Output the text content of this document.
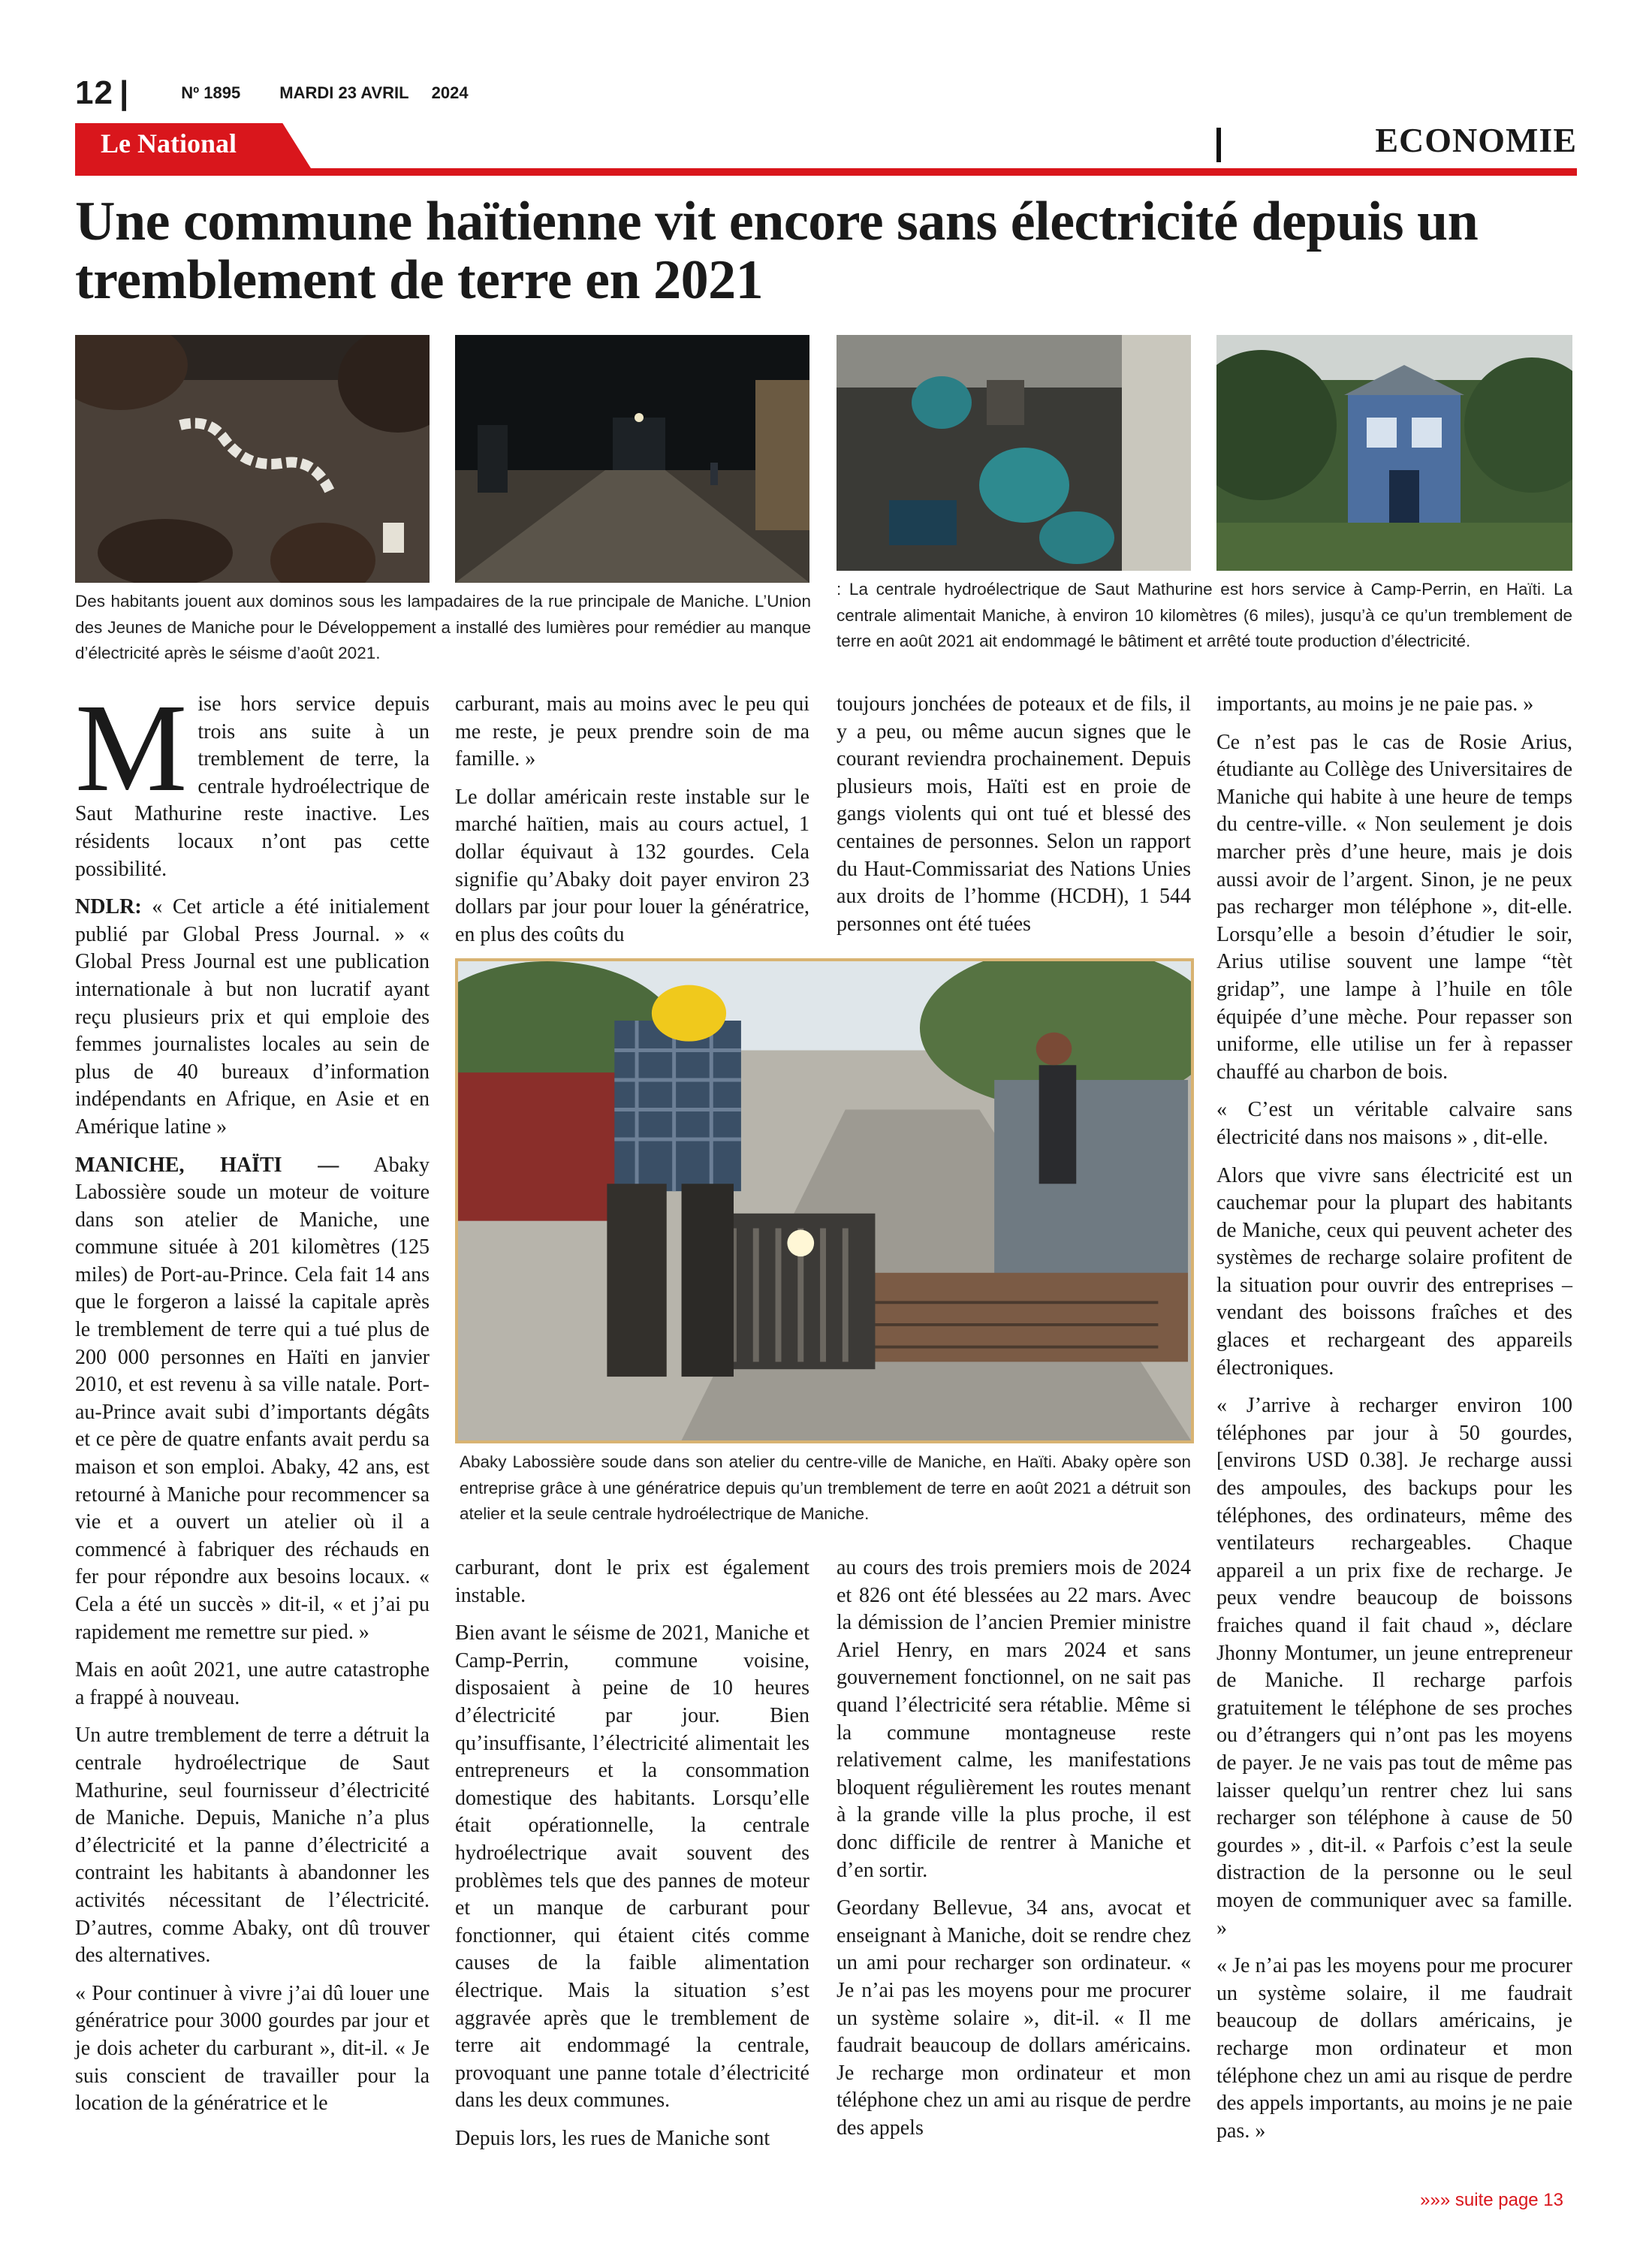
12 |	Nº 1895 MARDI 23 AVRIL 2024
Le National	ECONOMIE
Une commune haïtienne vit encore sans électricité depuis un tremblement de terre en 2021
Des habitants jouent aux dominos sous les lampadaires de la rue principale de Maniche. L’Union des Jeunes de Maniche pour le Développement a installé des lumières pour remédier au manque d’électricité après le séisme d’août 2021.
: La centrale hydroélectrique de Saut Mathurine est hors service à Camp-Perrin, en Haïti. La centrale alimentait Maniche, à environ 10 kilomètres (6 miles), jusqu’à ce qu’un tremblement de terre en août 2021 ait endommagé le bâtiment et arrêté toute production d’électricité.

Mise hors service depuis trois ans suite à un tremblement de terre, la centrale hydroélectrique de Saut Mathurine reste inactive. Les résidents locaux n’ont pas cette possibilité.

NDLR: « Cet article a été initialement publié par Global Press Journal. » « Global Press Journal est une publication internationale à but non lucratif ayant reçu plusieurs prix et qui emploie des femmes journalistes locales au sein de plus de 40 bureaux d’information indépendants en Afrique, en Asie et en Amérique latine »

MANICHE, HAÏTI — Abaky Labossière soude un moteur de voiture dans son atelier de Maniche, une commune située à 201 kilomètres (125 miles) de Port-au-Prince. Cela fait 14 ans que le forgeron a laissé la capitale après le tremblement de terre qui a tué plus de 200 000 personnes en Haïti en janvier 2010, et est revenu à sa ville natale. Port-au-Prince avait subi d’importants dégâts et ce père de quatre enfants avait perdu sa maison et son emploi. Abaky, 42 ans, est retourné à Maniche pour recommencer sa vie et a ouvert un atelier où il a commencé à fabriquer des réchauds en fer pour répondre aux besoins locaux. « Cela a été un succès » dit-il, « et j’ai pu rapidement me remettre sur pied. »

Mais en août 2021, une autre catastrophe a frappé à nouveau.

Un autre tremblement de terre a détruit la centrale hydroélectrique de Saut Mathurine, seul fournisseur d’électricité de Maniche. Depuis, Maniche n’a plus d’électricité et la panne d’électricité a contraint les habitants à abandonner les activités nécessitant de l’électricité. D’autres, comme Abaky, ont dû trouver des alternatives.

« Pour continuer à vivre j’ai dû louer une génératrice pour 3000 gourdes par jour et je dois acheter du carburant », dit-il. « Je suis conscient de travailler pour la location de la génératrice et le

carburant, mais au moins avec le peu qui me reste, je peux prendre soin de ma famille. »

Le dollar américain reste instable sur le marché haïtien, mais au cours actuel, 1 dollar équivaut à 132 gourdes. Cela signifie qu’Abaky doit payer environ 23 dollars par jour pour louer la génératrice, en plus des coûts du

toujours jonchées de poteaux et de fils, il y a peu, ou même aucun signes que le courant reviendra prochainement. Depuis plusieurs mois, Haïti est en proie de gangs violents qui ont tué et blessé des centaines de personnes. Selon un rapport du Haut-Commissariat des Nations Unies aux droits de l’homme (HCDH), 1 544 personnes ont été tuées

Abaky Labossière soude dans son atelier du centre-ville de Maniche, en Haïti. Abaky opère son entreprise grâce à une génératrice depuis qu’un tremblement de terre en août 2021 a détruit son atelier et la seule centrale hydroélectrique de Maniche.

carburant, dont le prix est également instable.

Bien avant le séisme de 2021, Maniche et Camp-Perrin, commune voisine, disposaient à peine de 10 heures d’électricité par jour. Bien qu’insuffisante, l’électricité alimentait les entrepreneurs et la consommation domestique des habitants. Lorsqu’elle était opérationnelle, la centrale hydroélectrique avait souvent des problèmes tels que des pannes de moteur et un manque de carburant pour fonctionner, qui étaient cités comme causes de la faible alimentation électrique. Mais la situation s’est aggravée après que le tremblement de terre ait endommagé la centrale, provoquant une panne totale d’électricité dans les deux communes.

Depuis lors, les rues de Maniche sont

au cours des trois premiers mois de 2024 et 826 ont été blessées au 22 mars. Avec la démission de l’ancien Premier ministre Ariel Henry, en mars 2024 et sans gouvernement fonctionnel, on ne sait pas quand l’électricité sera rétablie. Même si la commune montagneuse reste relativement calme, les manifestations bloquent régulièrement les routes menant à la grande ville la plus proche, il est donc difficile de rentrer à Maniche et d’en sortir.

Geordany Bellevue, 34 ans, avocat et enseignant à Maniche, doit se rendre chez un ami pour recharger son ordinateur. « Je n’ai pas les moyens pour me procurer un système solaire », dit-il. « Il me faudrait beaucoup de dollars américains. Je recharge mon ordinateur et mon téléphone chez un ami au risque de perdre des appels

importants, au moins je ne paie pas. »

Ce n’est pas le cas de Rosie Arius, étudiante au Collège des Universitaires de Maniche qui habite à une heure de temps du centre-ville. « Non seulement je dois marcher près d’une heure, mais je dois aussi avoir de l’argent. Sinon, je ne peux pas recharger mon téléphone », dit-elle. Lorsqu’elle a besoin d’étudier le soir, Arius utilise souvent une lampe “tèt gridap”, une lampe à l’huile en tôle équipée d’une mèche. Pour repasser son uniforme, elle utilise un fer à repasser chauffé au charbon de bois.

« C’est un véritable calvaire sans électricité dans nos maisons » , dit-elle.

Alors que vivre sans électricité est un cauchemar pour la plupart des habitants de Maniche, ceux qui peuvent acheter des systèmes de recharge solaire profitent de la situation pour ouvrir des entreprises – vendant des boissons fraîches et des glaces et rechargeant des appareils électroniques.

« J’arrive à recharger environ 100 téléphones par jour à 50 gourdes, [environs USD 0.38]. Je recharge aussi des ampoules, des backups pour les téléphones, des ordinateurs, même des ventilateurs rechargeables. Chaque appareil a un prix fixe de recharge. Je peux vendre beaucoup de boissons fraiches quand il fait chaud », déclare Jhonny Montumer, un jeune entrepreneur de Maniche. Il recharge parfois gratuitement le téléphone de ses proches ou d’étrangers qui n’ont pas les moyens de payer. Je ne vais pas tout de même pas laisser quelqu’un rentrer chez lui sans recharger son téléphone à cause de 50 gourdes » , dit-il. « Parfois c’est la seule distraction de la personne ou le seul moyen de communiquer avec sa famille. »

« Je n’ai pas les moyens pour me procurer un système solaire, il me faudrait beaucoup de dollars américains, je recharge mon ordinateur et mon téléphone chez un ami au risque de perdre des appels importants, au moins je ne paie pas. »

»»» suite page 13
